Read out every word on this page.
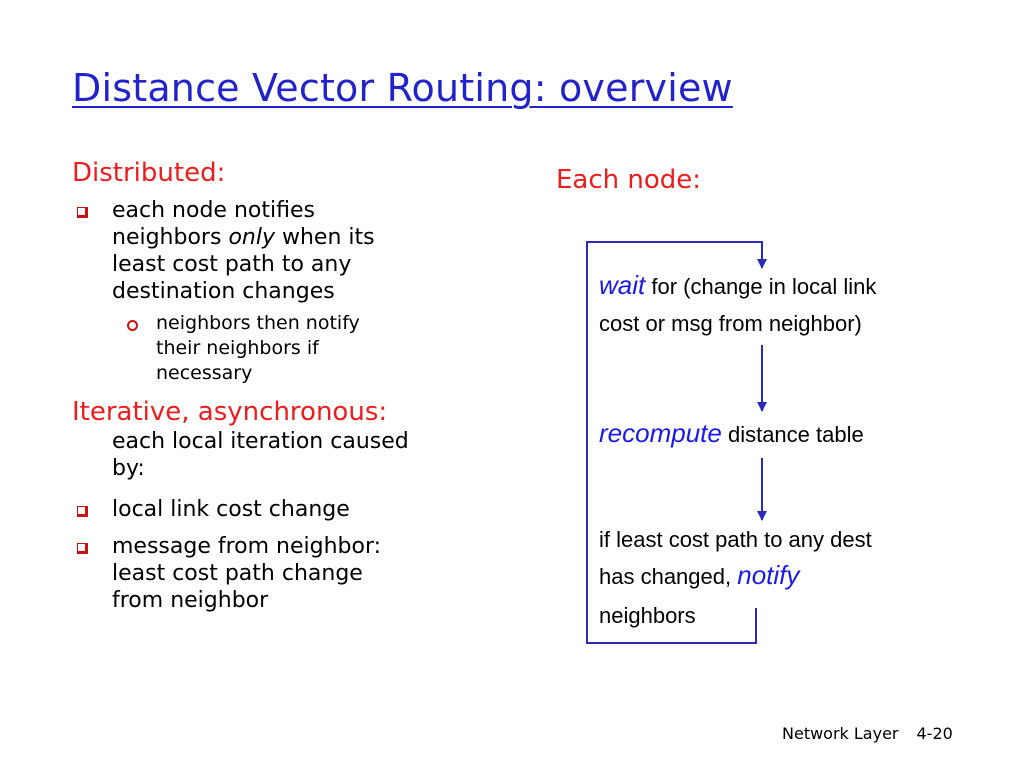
Distance Vector Routing: overview
Distributed:
each node notifies
neighbors only when its
least cost path to any
destination changes
neighbors then notify
their neighbors if
necessary
Iterative, asynchronous:
each local iteration caused
by:
local link cost change
message from neighbor:
least cost path change
from neighbor
Each node:
wait for (change in local link
cost or msg from neighbor)
recompute distance table
if least cost path to any dest
has changed, notify
neighbors
Network Layer 4-20
